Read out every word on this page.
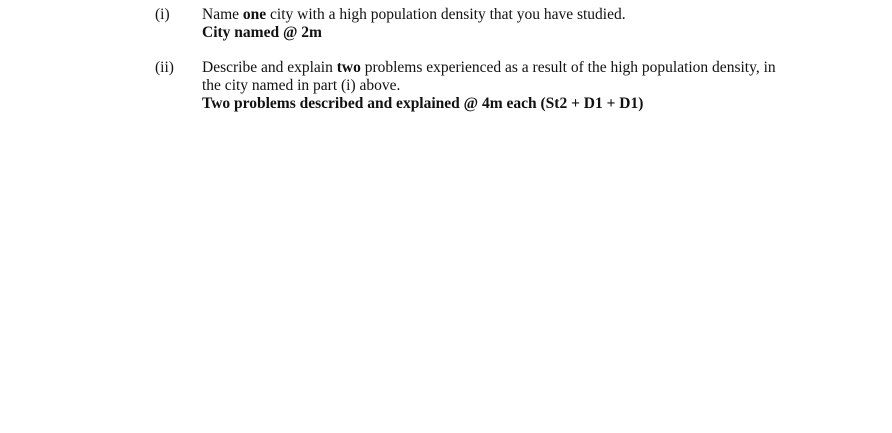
(i) Name one city with a high population density that you have studied.
City named @ 2m
(ii) Describe and explain two problems experienced as a result of the high population density, in
the city named in part (i) above.
Two problems described and explained @ 4m each (St2 + D1 + D1)
